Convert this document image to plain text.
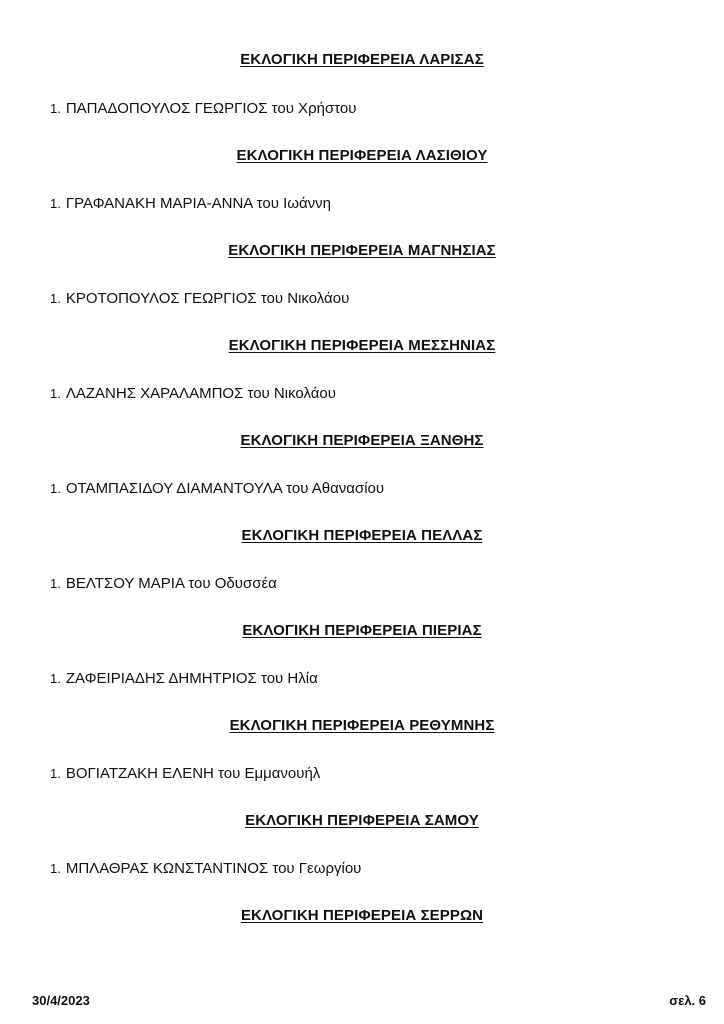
ΕΚΛΟΓΙΚΗ ΠΕΡΙΦΕΡΕΙΑ ΛΑΡΙΣΑΣ
1. ΠΑΠΑΔΟΠΟΥΛΟΣ ΓΕΩΡΓΙΟΣ του Χρήστου
ΕΚΛΟΓΙΚΗ ΠΕΡΙΦΕΡΕΙΑ ΛΑΣΙΘΙΟΥ
1. ΓΡΑΦΑΝΑΚΗ ΜΑΡΙΑ-ΑΝΝΑ του Ιωάννη
ΕΚΛΟΓΙΚΗ ΠΕΡΙΦΕΡΕΙΑ ΜΑΓΝΗΣΙΑΣ
1. ΚΡΟΤΟΠΟΥΛΟΣ ΓΕΩΡΓΙΟΣ του Νικολάου
ΕΚΛΟΓΙΚΗ ΠΕΡΙΦΕΡΕΙΑ ΜΕΣΣΗΝΙΑΣ
1. ΛΑΖΑΝΗΣ ΧΑΡΑΛΑΜΠΟΣ του Νικολάου
ΕΚΛΟΓΙΚΗ ΠΕΡΙΦΕΡΕΙΑ ΞΑΝΘΗΣ
1. ΟΤΑΜΠΑΣΙΔΟΥ ΔΙΑΜΑΝΤΟΥΛΑ του Αθανασίου
ΕΚΛΟΓΙΚΗ ΠΕΡΙΦΕΡΕΙΑ ΠΕΛΛΑΣ
1. ΒΕΛΤΣΟΥ ΜΑΡΙΑ του Οδυσσέα
ΕΚΛΟΓΙΚΗ ΠΕΡΙΦΕΡΕΙΑ ΠΙΕΡΙΑΣ
1. ΖΑΦΕΙΡΙΑΔΗΣ ΔΗΜΗΤΡΙΟΣ του Ηλία
ΕΚΛΟΓΙΚΗ ΠΕΡΙΦΕΡΕΙΑ ΡΕΘΥΜΝΗΣ
1. ΒΟΓΙΑΤΖΑΚΗ ΕΛΕΝΗ του Εμμανουήλ
ΕΚΛΟΓΙΚΗ ΠΕΡΙΦΕΡΕΙΑ ΣΑΜΟΥ
1. ΜΠΛΑΘΡΑΣ ΚΩΝΣΤΑΝΤΙΝΟΣ του Γεωργίου
ΕΚΛΟΓΙΚΗ ΠΕΡΙΦΕΡΕΙΑ ΣΕΡΡΩΝ
30/4/2023	σελ. 6
